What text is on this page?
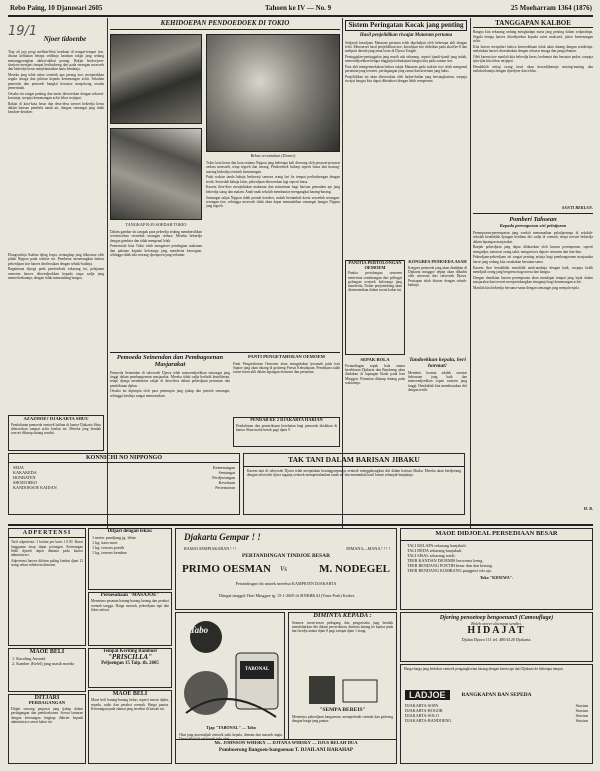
Rebo Paing, 10 Djanoeari 2605	Tahoen ke IV — No. 9	25 Moeharram 1364 (1876)
19/1 Njoer tidoenbe

Tiap ali jaja pergi melihat-lihat keadaan di tempat-tempat itoe, disana kelihatan betapa sedihnja keadaan rakjat jang sedang menanggoengkan akibat-akibat perang. Rakjat berdoejoen-doejoen mentjari tempat berlindoeng dari pada serangan moesoeh dan bekerdja keras menjelamatkan harta bendanja.

Mereka jang telah tahoe oentoek apa perang itoe, menjerahkan segala tenaga dan pikiran kepada kemenangan achir. Sekalian pemoeda dan pemoedi bangkit bersatoe menjokong oesaha pemerintah.

Oesaha ini sangat penting dan mesti diteroeskan dengan sekoeat-koeatnja, soepaja kemenangan achir lekas tertjapai.

Rakjat di kota-kota besar dan desa-desa toeroet bekerdja keras dalam barisan pembela tanah air, dengan semangat jang tidak kendoer-kendoer.

Elangsoektja Asahan djeng loepa, tertangkap jang dikoeasai oleh pihak Nippon pada waktoe ini. Pembesar menerangkan bahwa pekerdjaan itoe haroes diselesaikan dengan sebaik-baiknja.

Bagaimana djoega pada pendoedoek sekarang ini, pelajanan oemoem haroes ditoendjoekkan kepada siapa sadja jang memerloekannja, dengan tidak memandang bangsa.

AZAZHOE? DJAKARTA SHUU
Pendaftaran pemoeda oentoek latihan di kantor Djakarta Shuu diteroeskan sampai achir boelan ini. Mereka jang hendak toeroet diharap datang sendiri.
KONNICHI NO NIPPONGO
SEIJA	Kemenangan
KAKAKEDA	Semangat
HONBATEN	Perdjoeangan
SHOEJOEKO	Kesetiaan
KANDOKSOE KAIDAN	Pertemoean
KEHIDOEPAN PENDOEDOEK DI TOKIO
TANGKAP B-29 SOEDAH TOKIO
Bekas reruntuhan (Domei)

Tokio kota besar dan kota oetama Nippon jang beberapa kali diserang oleh pesawat-pesawat oedara moesoeh, tetap tegoeh dan tenang. Pendoedoek hidoep seperti biasa dan masing-masing bekerdja oentoek kemenangan.

Pada waktoe tanda bahaja berboenji semoea orang lari ke tempat perlindoengan dengan tertib. Sesoedah bahaja laloe, pekerdjaan diteroeskan lagi seperti biasa.

Kaoem iboe-iboe menjediakan makanan dan minoeman bagi barisan pemadam api jang bekerdja siang dan malam. Anak-anak sekolah membantoe mengangkat barang-barang.

Semangat rakjat Nippon tidak pernah kendoer, malah bertambah koeat sesoedah serangan-serangan itoe, sehingga moesoeh tidak akan dapat mematahkan semangat bangsa Nippon jang tegoeh.

Dalam gambar ini tampak para pekerdja sedang membersihkan reroentoehan sesoedah serangan oedara. Mereka bekerdja dengan gembira dan tidak mengenal lelah.

Pemerintah kota Tokio telah mengatoer pembagian makanan dan pakaian kepada keloearga jang menderita keroegian, sehingga tidak ada seorang djoeapoen jang terlantar.

Pemoeda Seinendan dan Pembagoenan Masjarakat

Pemoeda Seinendan di seloeroeh Djawa telah menoendjoekkan semangat jang tinggi dalam pembangoenan masjarakat. Mereka tidak sadja berlatih kemiliteran, tetapi djoega membantoe rakjat di desa-desa dalam pekerdjaan pertanian dan pembikinan djalan.

Oesaha ini dipimpin oleh para pemimpin jang tjakap dan penoeh semangat, sehingga hasilnja sangat memoeaskan.

PANTI PENGETAHOEAN OEMOEM
Panti Pengetahoean Oemoem akan mengadakan tjeramah pada hari Saptoe jang akan datang di gedoeng Poesat Kebudajaan. Pembitjara ialah toean-toean ahli dalam lapangan ekonomi dan pertanian.
PENDAB KE 2 DJAKARTA HARIAN
Pendaftaran dan pemeriksaan kesehatan bagi pemoeda diadakan di kantor Shuu mulai besok pagi djam 9.
TAK TANI DALAM BARISAN JIBAKU
Kaoem tani di seloeroeh Djawa telah menjatakan kesanggoepannja oentoek menggabongkan diri dalam barisan Jibaku. Mereka akan berdjoeang dengan seloeroeh djiwa raganja oentoek mempertahankan tanah air dan menambah hasil boemi sebanjak-banjaknja.
Sistem Peringatan Kocak jang penting
Hasil penjelidikan riwajat Mataram pertama

Sedjarah keradjaan Mataram pertama telah dipeladjari oleh beberapa ahli dengan teliti. Menoeroet hasil penjelidikan itoe, keradjaan itoe didirikan pada abad ke-8 dan meliputi daerah jang amat loeas di Djawa Tengah.

Peninggalan-peninggalan jang masih ada sekarang, seperti tjandi-tjandi jang indah, menoendjoekkan betapa tingginja kebudajaan bangsa kita pada zaman itoe.

Para ahli mengemoekakan bahwa rakjat Mataram pada waktoe itoe telah mengenal pertanian jang teratoer, perdagangan jang ramai dan kesenian jang halus.

Penjelidikan ini akan diteroeskan oleh badan-badan jang bersangkoetan, soepaja riwajat bangsa kita dapat diketahoei dengan lebih sempoerna.

PANITIA PERTOLONGAN OEMOEM
Panitia pertolongan oemoem menerima soembangan dari pelbagai golongan oentoek keloearga jang menderita. Daftar penjoembang akan dioemoemkan dalam soerat kabar ini.
KONGRES PEMOEDA ASAH
Kongres pemoeda jang akan diadakan di Djakarta minggoe depan akan dihadiri oleh oetoesan dari seloeroeh Djawa. Persiapan telah diatoer dengan sebaik-baiknja.
SEPAK BOLA
Pertandingan sepak bola antara keseblasan Djakarta dan Bandoeng akan diadakan di lapangan Ikada pada hari Minggoe. Penonton diharap datang pada waktoenja.
Tandoekkan kepala, beri hormat!
Memberi hormat adalah soeatoe kebiasaan jang baik dan menoendjoekkan sopan santoen jang tinggi. Hendaklah kita membiasakan diri dengan tertib.
TANGGAPAN KALBOE

Bangsa kita sekarang sedang menghadapi masa jang penting dalam sedjarahnja. Segala tenaga haroes ditoedjoekan kepada satoe maksoed, jaitoe kemenangan achir.

Kita haroes menjadari bahwa kemerdekaan tidak akan datang dengan sendirinja, melainkan haroes dioesahakan dengan sekoeat tenaga dan pengorbanan.

Oleh karena itoe marilah kita bekerdja keras, berhemat dan bersatoe padoe, soepaja tjita-tjita kita lekas tertjapai.

Hendaklah setiap orang insaf akan kewadjibannja masing-masing dan melakoekannja dengan djoedjoer dan ichlas.

SANTI REKLAN.
Pomberi Tahoean
Kepada perempoean siri pelatjaran

Perempoean-perempoean jang soedah menamatkan peladjarannja di sekolah-sekolah hendaklah djangan berdiam diri sadja di roemah, tetapi toeroet bekerdja dalam lapangan masjarakat.

Banjak pekerdjaan jang dapat dilakoekan oleh kaoem perempoean, seperti mengadjar, merawat orang sakit, mengoeroes dapoer oemoem dan lain-lain.

Pekerdjaan-pekerdjaan ini sangat penting artinja bagi pembangoenan masjarakat baroe jang sedang kita oesahakan bersama-sama.

Kaoem iboe hendaklah mendidik anak-anaknja dengan baik, soepaja kelak mendjadi orang jang bergoena bagi noesa dan bangsa.

Dengan demikian kaoem perempoean akan mendapat tempat jang lajak dalam masjarakat dan toeroet menjoembangkan tenaganja bagi kemenangan achir.

Marilah kita bekerdja bersama-sama dengan semangat jang menjala-njala.

H. B.
ADPERTENSI

Tarif adpertensi: 1 kolom per baris f 0.50. Boeat langganan tetap dapat potongan. Keterangan lebih djaoeh dapat diminta pada kantor administrasi.

Adpertensi haroes dikirim paling lambat djam 12 siang sehari sebeloem dimoeat.

Ditjari dengan lekas:
1 meter pandjang jg. lebar
1 kg. kain mori
1 kg. tenoen poetih
1 kg. tenoen bemboe
Peroesahaan "MASAJOE"
Menerima pesanan barang-barang kerang dan perabot roemah tangga. Harga moerah, pekerdjaan rapi dan lekas selesai.
Djakarta Gempar ! !
RAMAI SEMPIAKARAN ! ! !	DIMANA—MANA ! ! ! !
PERTANDINGAN TINDJOE BESAR
PRIMO OESMAN Vs	M. NODEGEL
Pertandingan tsb untoek merebut KAMPIOEN DJAKARTA
Diingat tanggal: Hari Minggoe tg. 15-1-2605 di SINKBKAI (Varia-Park) Kreket.
MAOE DIDJOEAL PERSEDIAAN BESAR
TALI KELAPA sekarang banjakuli.
TALI DEDA sekarang banjakuli.
TALI SISAL sekarang soedi.
TEER KANDAN DJOEMIS berwarna loeng.
TEER BENDANG POETIH besar dan dan kerung.
TEER BENDANG KOMBANG pangpiwi tdo aja.
Toko "KIOEWA".
MAOE BELI
1. Kasoling Ausraid
2. Kamber (Kelel) jang masih moeda
DITJARI
PERDAGANGAN
Ditjari seorang pegawai jang tjakap dalam perdagangan dan pemboekoean. Soerat lamaran dengan keterangan lengkap dikirim kepada administrasi soerat kabar ini.
Tempat Keriting Ramboet
"PRISCILLA"
Peljoengan 15 Taip. th. 2605
MAOE BELI
Maoe beli barang-barang bekas seperti mesin djahit, sepeda, radio dan perabot roemah. Harga pantas. Keterangan pada alamat jang tersebut di bawah ini.
Tabo
TABONAL
Tjap "TABONAL" — Tabo
Obat jang moestadjab oentoek sakit kepala, demam dan masoek angin.
DIMINTA KEPADA :
Semoea toean-toean pedagang dan pengoesaha jang hendak mendaftarkan diri dalam perserikatan, diminta datang ke kantor pada hari kerdja antara djam 8 pagi sampai djam 1 siang.
"SEMPA BEREIS"
Menerima pekerdjaan bangoenan, memperbaiki roemah dan gedoeng dengan harga jang pantas.
Mc. JOHNSON WHISKY — DJTANA WHISKY — DJUS BELAH DUA
Pomboerong Bangoen-bangoenan T. DJAILANI HARAHAP
Djoring penoetoep bengoenan3 (Camouflage)
Boleh orerer ditempat sendiri.
HIDAJAT
Djalan Djawa 111 tel. 480/4120 Djakarta.
Harga-harga jang berlakoe oentoek pengangkoetan barang dengan kereta api dari Djakarta ke beberapa tempat.
LADJOE	RANGKAPAN BAN SEPEDA
DJAKARTA-SOPA	Stasiun
DJAKARTA-BOGOR	Stasiun
DJAKARTA-SOLO	Stasiun
DJAKARTA-BANDOENG	Stasiun
